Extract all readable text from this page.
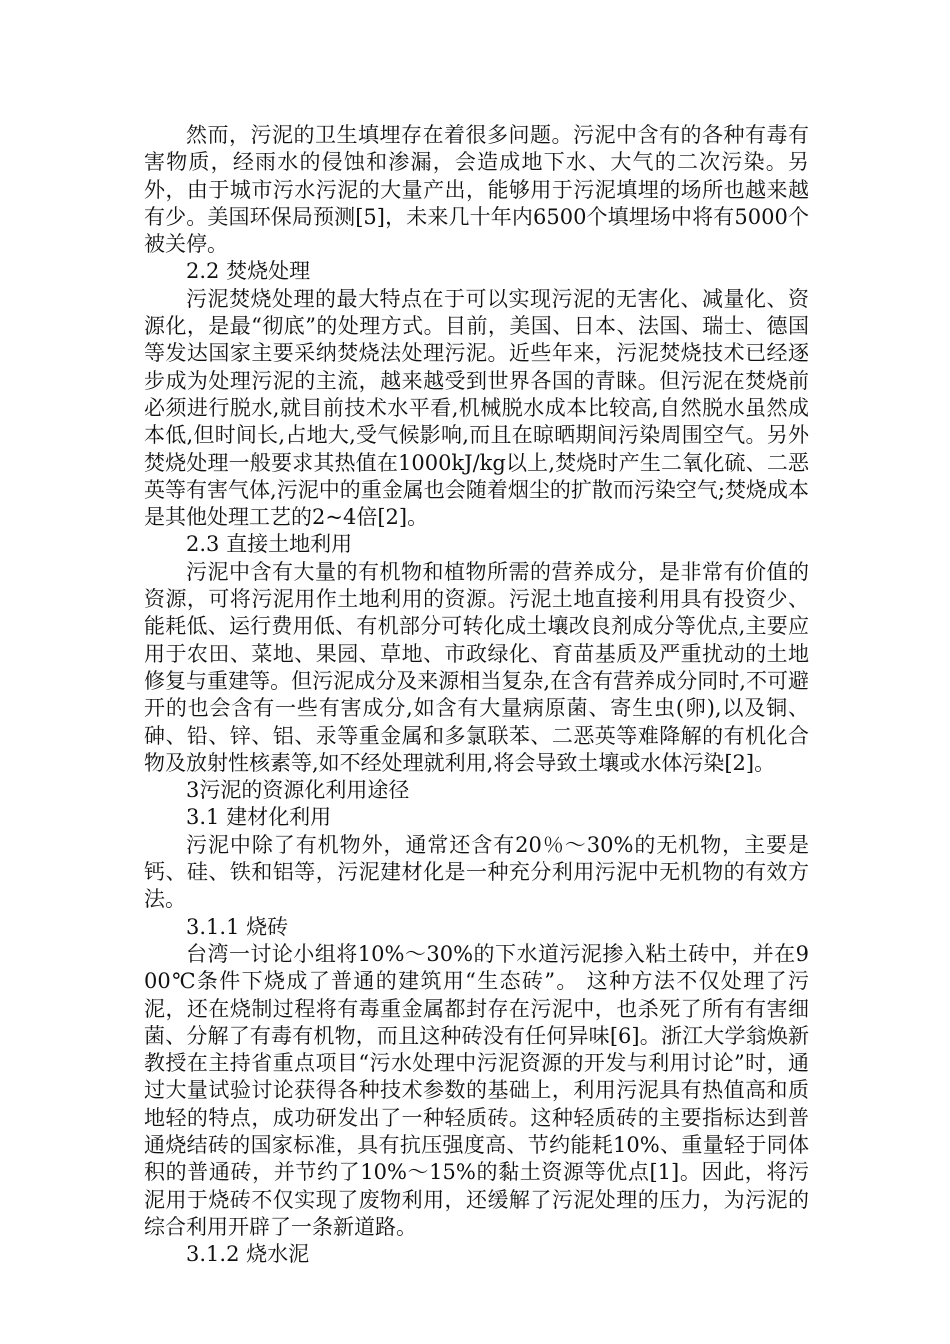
然而，污泥的卫生填埋存在着很多问题。污泥中含有的各种有毒有害物质，经雨水的侵蚀和渗漏，会造成地下水、大气的二次污染。另外，由于城市污水污泥的大量产出，能够用于污泥填埋的场所也越来越有少。美国环保局预测[5]，未来几十年内6500个填埋场中将有5000个被关停。

2.2 焚烧处理

污泥焚烧处理的最大特点在于可以实现污泥的无害化、减量化、资源化，是最“彻底”的处理方式。目前，美国、日本、法国、瑞士、德国等发达国家主要采纳焚烧法处理污泥。近些年来，污泥焚烧技术已经逐步成为处理污泥的主流，越来越受到世界各国的青睐。但污泥在焚烧前必须进行脱水,就目前技术水平看,机械脱水成本比较高,自然脱水虽然成本低,但时间长,占地大,受气候影响,而且在晾晒期间污染周围空气。另外焚烧处理一般要求其热值在1000kJ/kg以上,焚烧时产生二氧化硫、二恶英等有害气体,污泥中的重金属也会随着烟尘的扩散而污染空气;焚烧成本是其他处理工艺的2~4倍[2]。

2.3 直接土地利用

污泥中含有大量的有机物和植物所需的营养成分，是非常有价值的资源，可将污泥用作土地利用的资源。污泥土地直接利用具有投资少、能耗低、运行费用低、有机部分可转化成土壤改良剂成分等优点,主要应用于农田、菜地、果园、草地、市政绿化、育苗基质及严重扰动的土地修复与重建等。但污泥成分及来源相当复杂,在含有营养成分同时,不可避开的也会含有一些有害成分,如含有大量病原菌、寄生虫(卵),以及铜、砷、铅、锌、铝、汞等重金属和多氯联苯、二恶英等难降解的有机化合物及放射性核素等,如不经处理就利用,将会导致土壤或水体污染[2]。

3污泥的资源化利用途径

3.1 建材化利用

污泥中除了有机物外，通常还含有20％～30%的无机物，主要是钙、硅、铁和铝等，污泥建材化是一种充分利用污泥中无机物的有效方法。

3.1.1 烧砖

台湾一讨论小组将10%～30%的下水道污泥掺入粘土砖中，并在900℃条件下烧成了普通的建筑用“生态砖”。 这种方法不仅处理了污泥，还在烧制过程将有毒重金属都封存在污泥中，也杀死了所有有害细菌、分解了有毒有机物，而且这种砖没有任何异味[6]。浙江大学翁焕新教授在主持省重点项目“污水处理中污泥资源的开发与利用讨论”时，通过大量试验讨论获得各种技术参数的基础上，利用污泥具有热值高和质地轻的特点，成功研发出了一种轻质砖。这种轻质砖的主要指标达到普通烧结砖的国家标准，具有抗压强度高、节约能耗10%、重量轻于同体积的普通砖，并节约了10%～15%的黏土资源等优点[1]。因此，将污泥用于烧砖不仅实现了废物利用，还缓解了污泥处理的压力，为污泥的综合利用开辟了一条新道路。

3.1.2 烧水泥
